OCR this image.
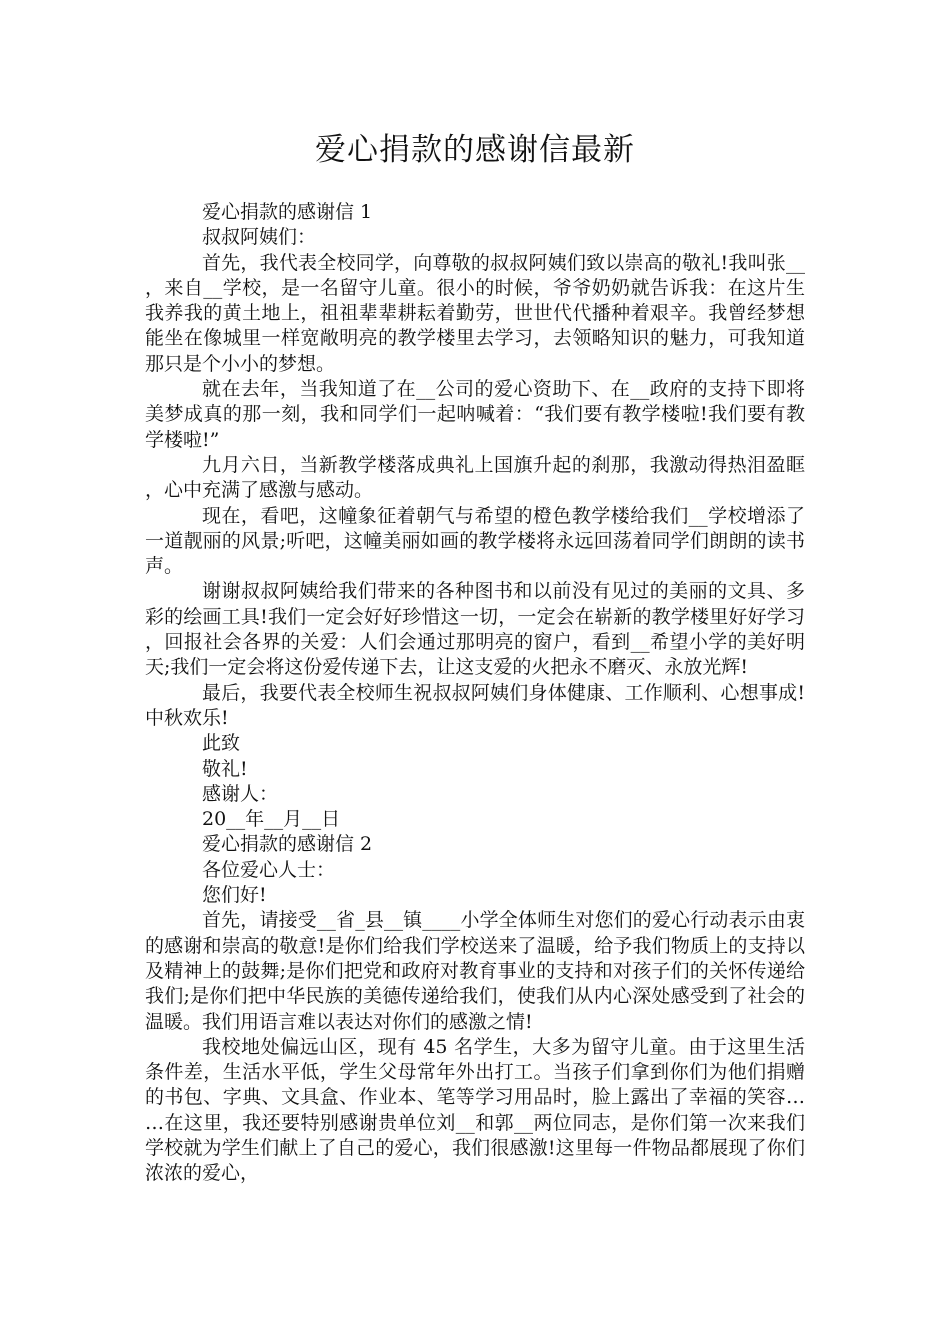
爱心捐款的感谢信最新

爱心捐款的感谢信 1

叔叔阿姨们：

首先，我代表全校同学，向尊敬的叔叔阿姨们致以崇高的敬礼!我叫张__，来自__学校，是一名留守儿童。很小的时候，爷爷奶奶就告诉我：在这片生我养我的黄土地上，祖祖辈辈耕耘着勤劳，世世代代播种着艰辛。我曾经梦想能坐在像城里一样宽敞明亮的教学楼里去学习，去领略知识的魅力，可我知道那只是个小小的梦想。

就在去年，当我知道了在__公司的爱心资助下、在__政府的支持下即将美梦成真的那一刻，我和同学们一起呐喊着：“我们要有教学楼啦!我们要有教学楼啦!”

九月六日，当新教学楼落成典礼上国旗升起的刹那，我激动得热泪盈眶，心中充满了感激与感动。

现在，看吧，这幢象征着朝气与希望的橙色教学楼给我们__学校增添了一道靓丽的风景;听吧，这幢美丽如画的教学楼将永远回荡着同学们朗朗的读书声。

谢谢叔叔阿姨给我们带来的各种图书和以前没有见过的美丽的文具、多彩的绘画工具!我们一定会好好珍惜这一切，一定会在崭新的教学楼里好好学习，回报社会各界的关爱：人们会通过那明亮的窗户，看到__希望小学的美好明天;我们一定会将这份爱传递下去，让这支爱的火把永不磨灭、永放光辉!

最后，我要代表全校师生祝叔叔阿姨们身体健康、工作顺利、心想事成!中秋欢乐!

此致

敬礼!

感谢人：

20__年__月__日

爱心捐款的感谢信 2

各位爱心人士：

您们好!

首先，请接受__省_县__镇____小学全体师生对您们的爱心行动表示由衷的感谢和崇高的敬意!是你们给我们学校送来了温暖，给予我们物质上的支持以及精神上的鼓舞;是你们把党和政府对教育事业的支持和对孩子们的关怀传递给我们;是你们把中华民族的美德传递给我们，使我们从内心深处感受到了社会的温暖。我们用语言难以表达对你们的感激之情!

我校地处偏远山区，现有 45 名学生，大多为留守儿童。由于这里生活条件差，生活水平低，学生父母常年外出打工。当孩子们拿到你们为他们捐赠的书包、字典、文具盒、作业本、笔等学习用品时，脸上露出了幸福的笑容……在这里，我还要特别感谢贵单位刘__和郭__两位同志，是你们第一次来我们学校就为学生们献上了自己的爱心，我们很感激!这里每一件物品都展现了你们浓浓的爱心，
